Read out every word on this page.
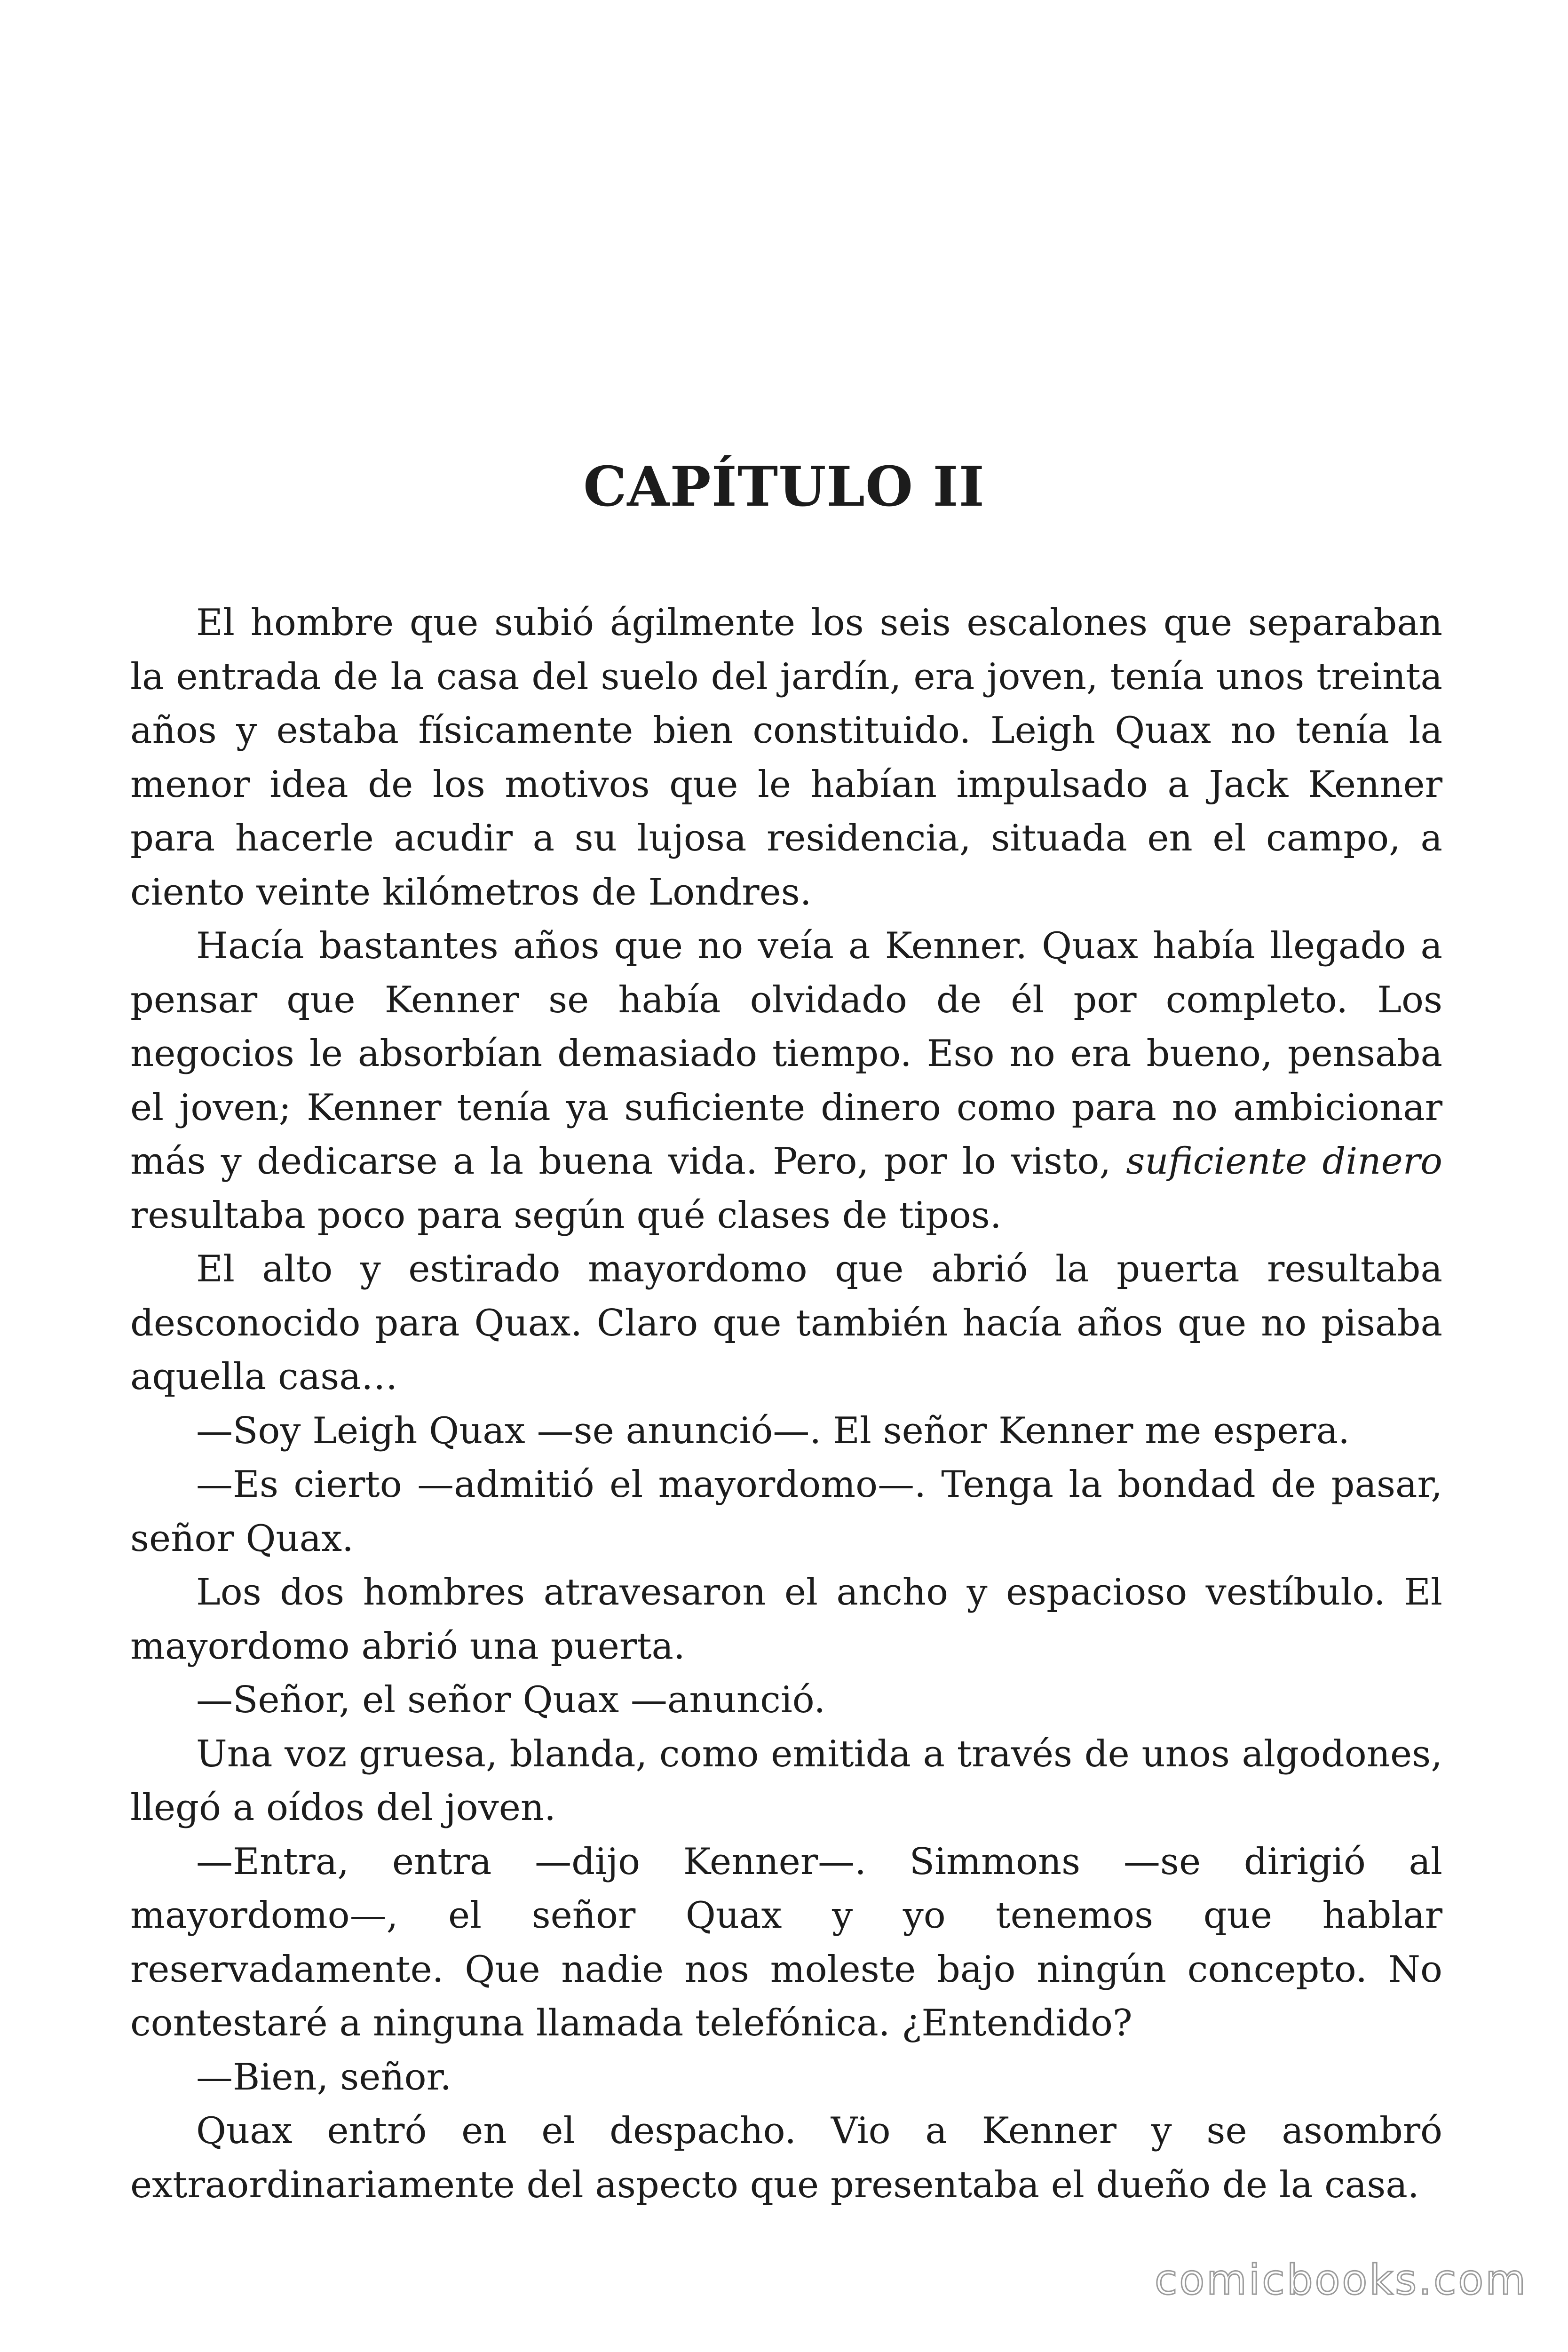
CAPÍTULO II

El hombre que subió ágilmente los seis escalones que separaban la entrada de la casa del suelo del jardín, era joven, tenía unos treinta años y estaba físicamente bien constituido. Leigh Quax no tenía la menor idea de los motivos que le habían impulsado a Jack Kenner para hacerle acudir a su lujosa residencia, situada en el campo, a ciento veinte kilómetros de Londres.

Hacía bastantes años que no veía a Kenner. Quax había llegado a pensar que Kenner se había olvidado de él por completo. Los negocios le absorbían demasiado tiempo. Eso no era bueno, pensaba el joven; Kenner tenía ya suficiente dinero como para no ambicionar más y dedicarse a la buena vida. Pero, por lo visto, suficiente dinero resultaba poco para según qué clases de tipos.

El alto y estirado mayordomo que abrió la puerta resultaba desconocido para Quax. Claro que también hacía años que no pisaba aquella casa…

—Soy Leigh Quax —se anunció—. El señor Kenner me espera.

—Es cierto —admitió el mayordomo—. Tenga la bondad de pasar, señor Quax.

Los dos hombres atravesaron el ancho y espacioso vestíbulo. El mayordomo abrió una puerta.

—Señor, el señor Quax —anunció.

Una voz gruesa, blanda, como emitida a través de unos algodones, llegó a oídos del joven.

—Entra, entra —dijo Kenner—. Simmons —se dirigió al mayordomo—, el señor Quax y yo tenemos que hablar reservadamente. Que nadie nos moleste bajo ningún concepto. No contestaré a ninguna llamada telefónica. ¿Entendido?

—Bien, señor.

Quax entró en el despacho. Vio a Kenner y se asombró extraordinariamente del aspecto que presentaba el dueño de la casa.

comicbooks.com
